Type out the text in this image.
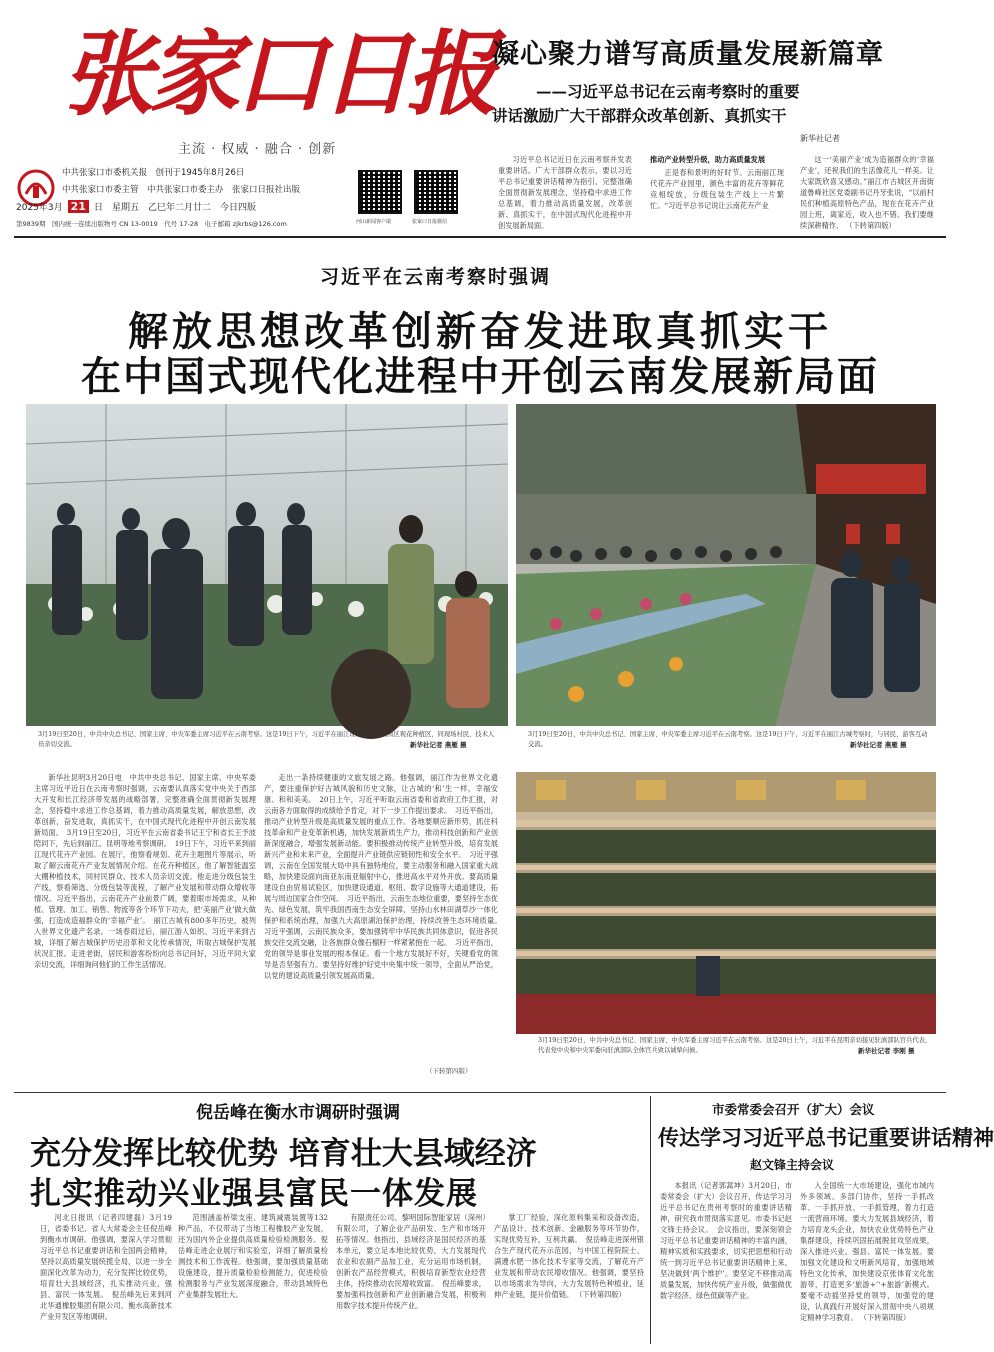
张家口日报
主流 · 权威 · 融合 · 创新
中共张家口市委机关报　创刊于1945年8月26日
中共张家口市委主管　中共张家口市委主办　张家口日报社出版
2025年3月 21 日　星期五　乙巳年二月廿二　今日四版
第9839期　国内统一连续出版物号 CN 13-0019　代号 17-28　电子邮箱 zjkrbs@126.com	河山新闻客户端	张家口日报微信
凝心聚力谱写高质量发展新篇章
——习近平总书记在云南考察时的重要
讲话激励广大干部群众改革创新、真抓实干
新华社记者

习近平总书记近日在云南考察并发表重要讲话。广大干部群众表示，要以习近平总书记重要讲话精神为指引，完整准确全面贯彻新发展理念，坚持稳中求进工作总基调，着力推动高质量发展，改革创新、真抓实干，在中国式现代化进程中开创发展新局面。

推动产业转型升级，助力高质量发展

正是春和景明的好时节。云南丽江现代花卉产业园里，颜色丰富的花卉等鲜花竞相绽放，分级包装生产线上一片繁忙。“习近平总书记说让云南花卉产业

这一‘美丽产业’成为造福群众的‘幸福产业’，还祝我们的生活像花儿一样美。让大家既欣喜又感动。”丽江市古城区开南街道鲁峰社区党委副书记丹牙张说，“以前村民们种植高原特色产品，现在在花卉产业园上班，离家近，收入也不错。我们要继续深耕精作、 （下转第四版）

习近平在云南考察时强调
解放思想改革创新奋发进取真抓实干
在中国式现代化进程中开创云南发展新局面
3月19日至20日，中共中央总书记、国家主席、中央军委主席习近平在云南考察。这是19日下午，习近平在丽江现代花卉产业园区观花种植区，同现场村民、技术人员亲切交流。	新华社记者 燕雁 摄
3月19日至20日，中共中央总书记、国家主席、中央军委主席习近平在云南考察。这是19日下午，习近平在丽江古城考察时，与居民、游客互动交流。	新华社记者 燕雁 摄
3月19日至20日，中共中央总书记、国家主席、中央军委主席习近平在云南考察。这是20日上午，习近平在昆明亲切接见驻滇部队官兵代表，代表党中央和中央军委向驻滇部队全体官兵致以诚挚问候。	新华社记者 李刚 摄

新华社昆明3月20日电　中共中央总书记、国家主席、中央军委主席习近平近日在云南考察时强调，云南要认真落实党中央关于西部大开发和长江经济带发展的战略部署，完整准确全面贯彻新发展理念，坚持稳中求进工作总基调，着力推动高质量发展，解放思想，改革创新，奋发进取，真抓实干，在中国式现代化进程中开创云南发展新局面。　3月19日至20日，习近平在云南省委书记王宁和省长王予波陪同下，先后到丽江、昆明等地考察调研。　19日下午，习近平来到丽江现代花卉产业园。在展厅，他察看规划、花卉主题图片等展示，听取了解云南花卉产业发展情况介绍。在花卉种植区，他了解智能温室大棚种植技术，同村民群众、技术人员亲切交流。他走进分级包装生产线，察看筛选、分级包装等流程，了解产业发展和带动群众增收等情况。习近平指出，云南花卉产业前景广阔，要着眼市场需求，从种植、管理、加工、销售、物流等各个环节下功夫，把‘美丽产业’做大做强，打造成造福群众的‘幸福产业’。　丽江古城有800多年历史，被列入世界文化遗产名录。一场春雨过后，丽江游人如织。习近平来到古城，详细了解古城保护历史沿革和文化传承情况，听取古城保护发展状况汇报。走进老街，居民和游客纷纷向总书记问好，习近平同大家亲切交流，详细询问他们的工作生活情况。

走出一条持续健康的文旅发展之路。他强调，丽江作为世界文化遗产，要注重保护好古城风貌和历史文脉，让古城的‘和’生一样，幸福安康、和和美美。　20日上午，习近平听取云南省委和省政府工作汇报，对云南各方面取得的成绩给予肯定，对下一步工作提出要求。　习近平指出，推动产业转型升级是高质量发展的重点工作。各地要顺应新形势，抓住科技革命和产业变革新机遇，加快发展新质生产力，推动科技创新和产业创新深度融合，增强发展新动能。要积极推动传统产业转型升级，培育发展新兴产业和未来产业，全面提升产业链供应链韧性和安全水平。　习近平强调，云南在全国发展大局中具有独特地位，要主动服务和融入国家重大战略，加快建设面向南亚东南亚辐射中心，推进高水平对外开放。要高质量建设自由贸易试验区，加快建设通道、枢纽、数字设施等大通道建设，拓展与周边国家合作空间。　习近平指出，云南生态地位重要，要坚持生态优先、绿色发展，筑牢我国西南生态安全屏障，坚持山水林田湖草沙一体化保护和系统治理，加强九大高原湖泊保护治理，持续改善生态环境质量。　习近平强调，云南民族众多，要加强铸牢中华民族共同体意识，促进各民族交往交流交融，让各族群众像石榴籽一样紧紧抱在一起。　习近平指出，党的领导是事业发展的根本保证。看一个地方发展好不好，关键看党的领导是否坚强有力。要坚持好维护好党中央集中统一领导，全面从严治党，以党的建设高质量引领发展高质量。

（下转第四版）
倪岳峰在衡水市调研时强调
充分发挥比较优势 培育壮大县域经济
扎实推动兴业强县富民一体发展

河北日报讯（记者四建磊）3月19日，省委书记、省人大常委会主任倪岳峰到衡水市调研。他强调，要深入学习贯彻习近平总书记重要讲话和全国两会精神，坚持以高质量发展统揽全局，以进一步全面深化改革为动力，充分发挥比较优势，培育壮大县域经济，扎实推动兴业、强县、富民一体发展。　倪岳峰先后来到河北华通橡胶集团有限公司、衡水高新技术产业开发区等地调研。

范围涵盖桥梁支座、建筑减震装置等132种产品，不仅带动了当地工程橡胶产业发展，还为国内外企业提供高质量检验检测服务。倪岳峰走进企业展厅和实验室，详细了解质量检测技术和工作流程。他强调，要加强质量基础设施建设，提升质量检验检测能力，促进检验检测服务与产业发展深度融合，带动县域特色产业集群发展壮大。

有限责任公司、黎明国际智能家居（深州）有限公司，了解企业产品研发、生产和市场开拓等情况。他指出，县域经济是国民经济的基本单元，要立足本地比较优势，大力发展现代农业和农副产品加工业，充分运用市场机制，创新农产品经营模式，积极培育新型农业经营主体，持续推动农民增收致富。　倪岳峰要求，要加强科技创新和产业创新融合发展，积极利用数字技术提升传统产业。

掌工厂经验，深化原料集采和设备改造，产品设计、技术创新、金融服务等环节协作，实现优势互补，互利共赢。　倪岳峰走进深州银合生产现代花卉示范园，与中国工程院院士、满遵水肥一体化技术专家等交流，了解花卉产业发展和带动农民增收情况。他强调，要坚持以市场需求为导向，大力发展特色种植业，延伸产业链，提升价值链。 （下转第四版）

市委常委会召开（扩大）会议
传达学习习近平总书记重要讲话精神
赵文锋主持会议

本报讯（记者郭蒿坤）3月20日，市委常委会（扩大）会议召开，传达学习习近平总书记在贵州考察时的重要讲话精神，研究我市贯彻落实意见。市委书记赵文锋主持会议。　会议指出，要深刻领会习近平总书记重要讲话精神的丰富内涵，精神实质和实践要求，切实把思想和行动统一到习近平总书记重要讲话精神上来，坚决做到‘两个维护’。要坚定不移推动高质量发展，加快传统产业升级，做强做优数字经济、绿色低碳等产业。

入全国统一大市场建设，强化市域内外多领域、多部门协作，坚持一手抓改革、一手抓开放、一手抓管理，着力打造一流营商环境。要大力发展县域经济，着力培育龙头企业，加快农业优势特色产业集群建设，持续巩固拓展脱贫攻坚成果，深入推进兴业、强县、富民一体发展。要加强文化建设和文明新风培育，加强地域特色文化传承，加快建设京张体育文化旅游带，打造更多‘旅游+’‘+旅游’新模式。要毫不动摇坚持党的领导，加强党的建设，认真践行开展好深入贯彻中央八项规定精神学习教育。 （下转第四版）
